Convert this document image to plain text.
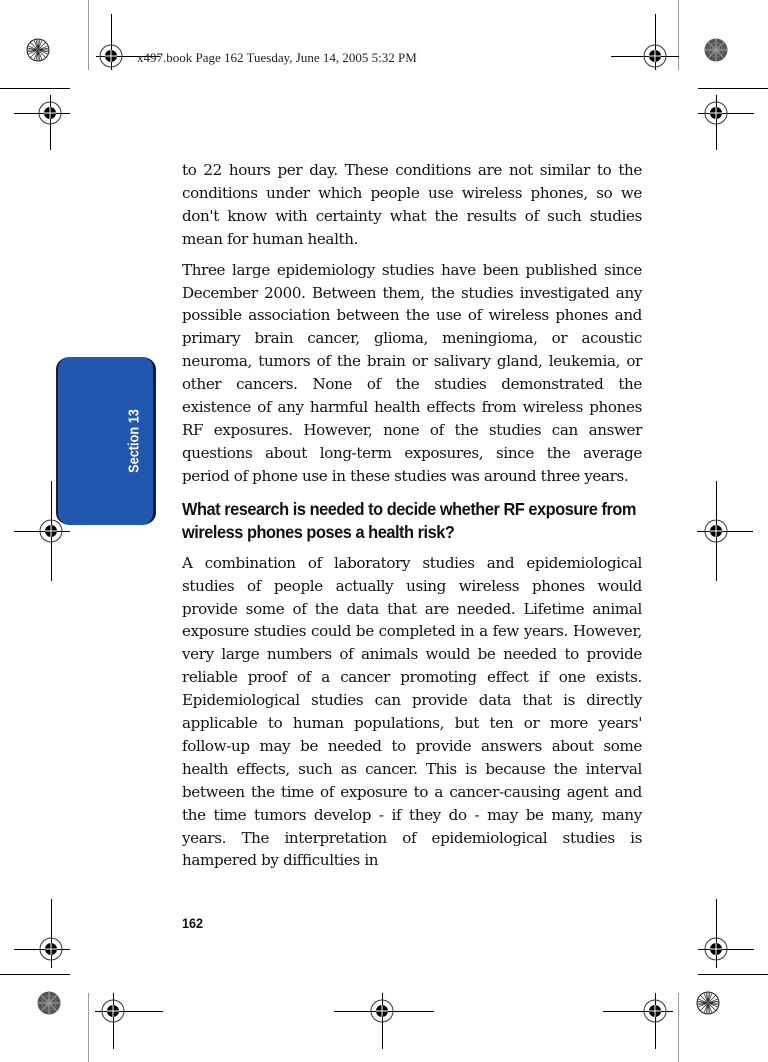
x497.book Page 162 Tuesday, June 14, 2005 5:32 PM
Section 13

to 22 hours per day. These conditions are not similar to the conditions under which people use wireless phones, so we don't know with certainty what the results of such studies mean for human health.

Three large epidemiology studies have been published since December 2000. Between them, the studies investigated any possible association between the use of wireless phones and primary brain cancer, glioma, meningioma, or acoustic neuroma, tumors of the brain or salivary gland, leukemia, or other cancers. None of the studies demonstrated the existence of any harmful health effects from wireless phones RF exposures. However, none of the studies can answer questions about long-term exposures, since the average period of phone use in these studies was around three years.

What research is needed to decide whether RF exposure from wireless phones poses a health risk?

A combination of laboratory studies and epidemiological studies of people actually using wireless phones would provide some of the data that are needed. Lifetime animal exposure studies could be completed in a few years. However, very large numbers of animals would be needed to provide reliable proof of a cancer promoting effect if one exists. Epidemiological studies can provide data that is directly applicable to human populations, but ten or more years' follow-up may be needed to provide answers about some health effects, such as cancer. This is because the interval between the time of exposure to a cancer-causing agent and the time tumors develop - if they do - may be many, many years. The interpretation of epidemiological studies is hampered by difficulties in

162
